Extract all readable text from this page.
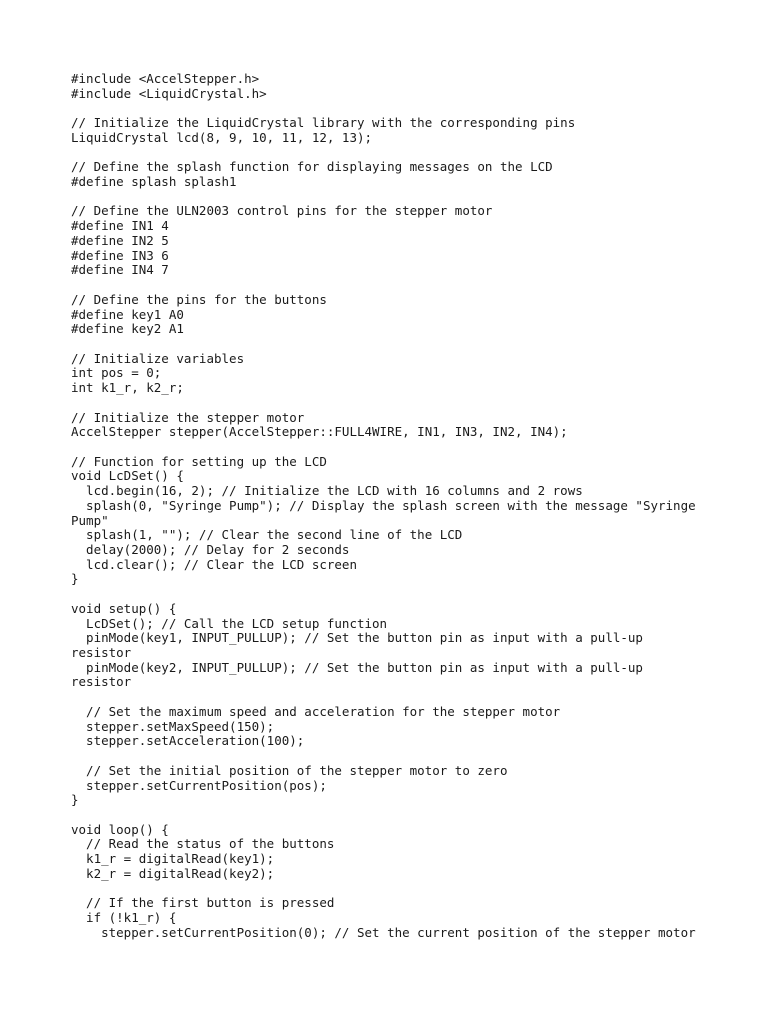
#include <AccelStepper.h>
#include <LiquidCrystal.h>
// Initialize the LiquidCrystal library with the corresponding pins
LiquidCrystal lcd(8, 9, 10, 11, 12, 13);
// Define the splash function for displaying messages on the LCD
#define splash splash1
// Define the ULN2003 control pins for the stepper motor
#define IN1 4
#define IN2 5
#define IN3 6
#define IN4 7
// Define the pins for the buttons
#define key1 A0
#define key2 A1
// Initialize variables
int pos = 0;
int k1_r, k2_r;
// Initialize the stepper motor
AccelStepper stepper(AccelStepper::FULL4WIRE, IN1, IN3, IN2, IN4);
// Function for setting up the LCD
void LcDSet() {
lcd.begin(16, 2); // Initialize the LCD with 16 columns and 2 rows
splash(0, "Syringe Pump"); // Display the splash screen with the message "Syringe
Pump"
splash(1, ""); // Clear the second line of the LCD
delay(2000); // Delay for 2 seconds
lcd.clear(); // Clear the LCD screen
}
void setup() {
LcDSet(); // Call the LCD setup function
pinMode(key1, INPUT_PULLUP); // Set the button pin as input with a pull-up
resistor
pinMode(key2, INPUT_PULLUP); // Set the button pin as input with a pull-up
resistor
// Set the maximum speed and acceleration for the stepper motor
stepper.setMaxSpeed(150);
stepper.setAcceleration(100);
// Set the initial position of the stepper motor to zero
stepper.setCurrentPosition(pos);
}
void loop() {
// Read the status of the buttons
k1_r = digitalRead(key1);
k2_r = digitalRead(key2);
// If the first button is pressed
if (!k1_r) {
stepper.setCurrentPosition(0); // Set the current position of the stepper motor
